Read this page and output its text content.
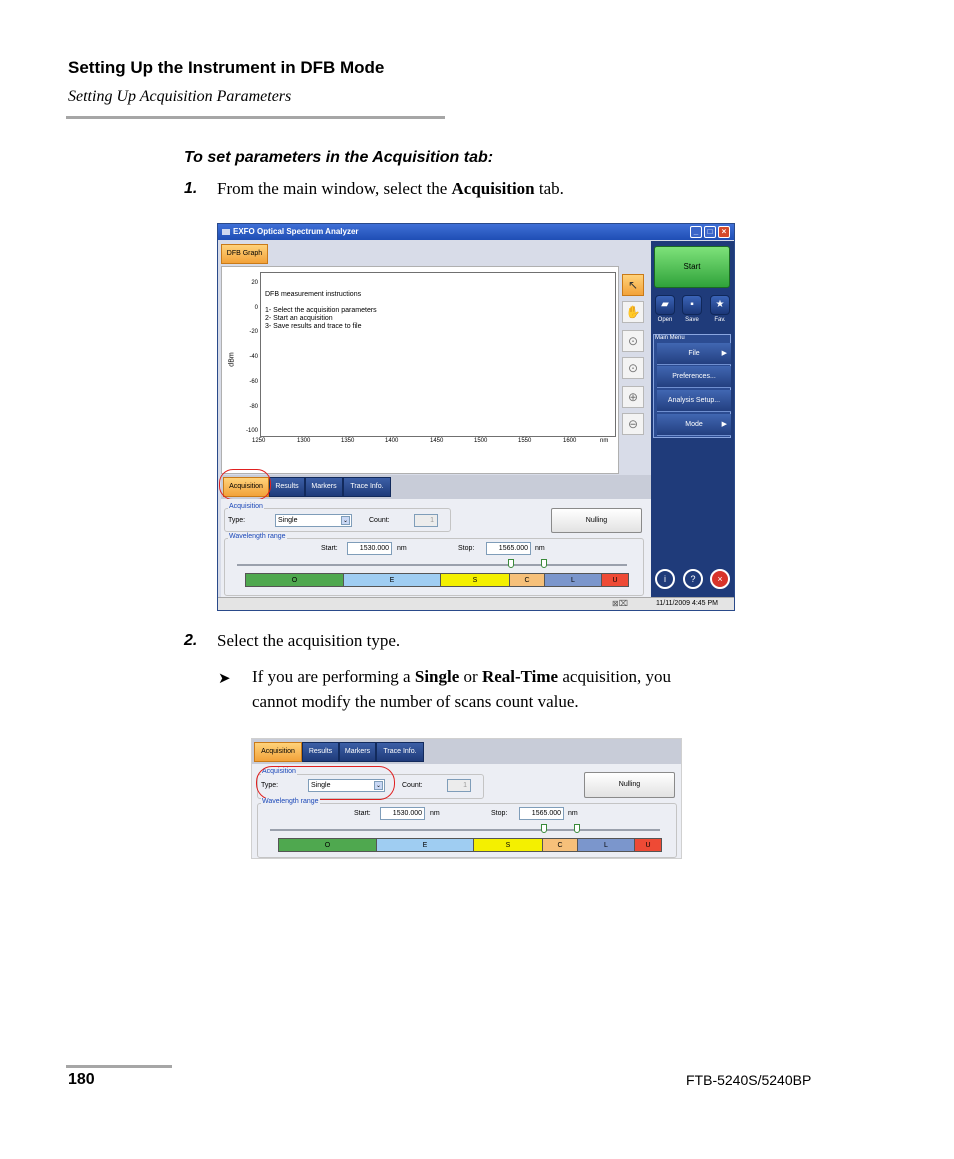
Setting Up the Instrument in DFB Mode
Setting Up Acquisition Parameters
To set parameters in the Acquisition tab:
1. From the main window, select the Acquisition tab.
EXFO Optical Spectrum Analyzer	_	□	×
DFB Graph
DFB measurement instructions
1- Select the acquisition parameters
2- Start an acquisition
3- Save results and trace to file
dBm
20
0
-20
-40
-60
-80
-100
1250	1300	1350	1400	1450	1500	1550	1600	nm
↖
✋
⊙
⊙
⊕
⊖
Start
▰	▪	★
Open	Save	Fav.
Main Menu
File	▶
Preferences...
Analysis Setup...
Mode	▶
i	?	×
Acquisition	Results	Markers	Trace Info.
Acquisition
Type:	Single	⌄	Count:	1	Nulling
Wavelength range
Start:	1530.000	nm	Stop:	1565.000	nm
O	E	S	C	L	U
⊠⌧	11/11/2009 4:45 PM
2. Select the acquisition type.
➤ If you are performing a Single or Real-Time acquisition, you
cannot modify the number of scans count value.
Acquisition	Results	Markers	Trace Info.
Acquisition
Type:	Single	⌄	Count:	1	Nulling
Wavelength range
Start:	1530.000	nm	Stop:	1565.000	nm
O	E	S	C	L	U
180	FTB-5240S/5240BP
